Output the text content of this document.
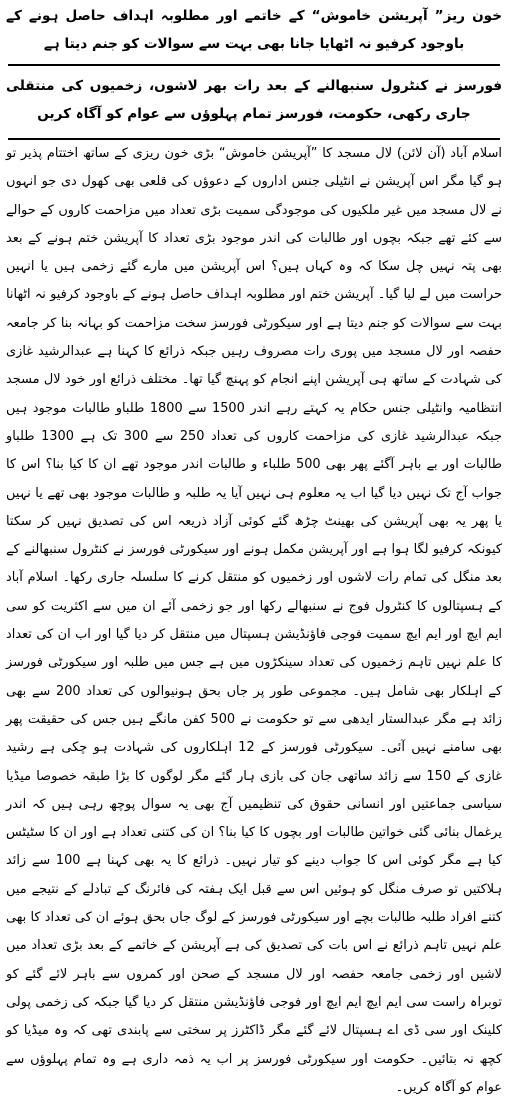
خون ریز” آپریشن خاموش“ کے خاتمے اور مطلوبہ اہداف حاصل ہونے کے باوجود کرفیو نہ اٹھایا جانا بھی بہت سے سوالات کو جنم دیتا ہے
فورسز نے کنٹرول سنبھالنے کے بعد رات بھر لاشوں، زخمیوں کی منتقلی جاری رکھی، حکومت، فورسز تمام پہلوؤں سے عوام کو آگاہ کریں

اسلام آباد (آن لائن) لال مسجد کا ”آپریشن خاموش“ بڑی خون ریزی کے ساتھ اختتام پذیر تو ہو گیا مگر اس آپریشن نے انٹیلی جنس اداروں کے دعوؤں کی قلعی بھی کھول دی جو انہوں نے لال مسجد میں غیر ملکیوں کی موجودگی سمیت بڑی تعداد میں مزاحمت کاروں کے حوالے سے کئے تھے جبکہ بچوں اور طالبات کی اندر موجود بڑی تعداد کا آپریشن ختم ہونے کے بعد بھی پتہ نہیں چل سکا کہ وہ کہاں ہیں؟ اس آپریشن میں مارے گئے زخمی ہیں یا انہیں حراست میں لے لیا گیا۔ آپریشن ختم اور مطلوبہ اہداف حاصل ہونے کے باوجود کرفیو نہ اٹھانا بہت سے سوالات کو جنم دیتا ہے اور سیکورٹی فورسز سخت مزاحمت کو بہانہ بنا کر جامعہ حفصہ اور لال مسجد میں پوری رات مصروف رہیں جبکہ ذرائع کا کہنا ہے عبدالرشید غازی کی شہادت کے ساتھ ہی آپریشن اپنے انجام کو پہنچ گیا تھا۔ مختلف ذرائع اور خود لال مسجد انتظامیہ وانٹیلی جنس حکام یہ کہتے رہے اندر 1500 سے 1800 طلباو طالبات موجود ہیں جبکہ عبدالرشید غازی کی مزاحمت کاروں کی تعداد 250 سے 300 تک ہے 1300 طلباو طالبات اور بے باہر آگئے پھر بھی 500 طلباء و طالبات اندر موجود تھے ان کا کیا بنا؟ اس کا جواب آج تک نہیں دیا گیا اب یہ معلوم ہی نہیں آیا یہ طلبہ و طالبات موجود بھی تھے یا نہیں یا پھر یہ بھی آپریشن کی بھینٹ چڑھ گئے کوئی آزاد ذریعہ اس کی تصدیق نہیں کر سکتا کیونکہ کرفیو لگا ہوا ہے اور آپریشن مکمل ہونے اور سیکورٹی فورسز نے کنٹرول سنبھالنے کے بعد منگل کی تمام رات لاشوں اور زخمیوں کو منتقل کرنے کا سلسلہ جاری رکھا۔ اسلام آباد کے ہسپتالوں کا کنٹرول فوج نے سنبھالے رکھا اور جو زخمی آئے ان میں سے اکثریت کو سی ایم ایچ اور ایم ایچ سمیت فوجی فاؤنڈیشن ہسپتال میں منتقل کر دیا گیا اور اب ان کی تعداد کا علم نہیں تاہم زخمیوں کی تعداد سینکڑوں میں ہے جس میں طلبہ اور سیکورٹی فورسز کے اہلکار بھی شامل ہیں۔ مجموعی طور پر جاں بحق ہونیوالوں کی تعداد 200 سے بھی زائد ہے مگر عبدالستار ایدھی سے تو حکومت نے 500 کفن مانگے ہیں جس کی حقیقت پھر بھی سامنے نہیں آئی۔ سیکورٹی فورسز کے 12 اہلکاروں کی شہادت ہو چکی ہے رشید غازی کے 150 سے زائد ساتھی جان کی بازی ہار گئے مگر لوگوں کا بڑا طبقہ خصوصا میڈیا سیاسی جماعتیں اور انسانی حقوق کی تنظیمیں آج بھی یہ سوال پوچھ رہی ہیں کہ اندر یرغمال بنائی گئی خواتین طالبات اور بچوں کا کیا بنا؟ ان کی کتنی تعداد ہے اور ان کا سٹیٹس کیا ہے مگر کوئی اس کا جواب دینے کو تیار نہیں۔ ذرائع کا یہ بھی کہنا ہے 100 سے زائد ہلاکتیں تو صرف منگل کو ہوئیں اس سے قبل ایک ہفتہ کی فائرنگ کے تبادلے کے نتیجے میں کتنے افراد طلبہ طالبات بچے اور سیکورٹی فورسز کے لوگ جاں بحق ہوئے ان کی تعداد کا بھی علم نہیں تاہم ذرائع نے اس بات کی تصدیق کی ہے آپریشن کے خاتمے کے بعد بڑی تعداد میں لاشیں اور زخمی جامعہ حفصہ اور لال مسجد کے صحن اور کمروں سے باہر لائے گئے کو توبراہ راست سی ایم ایچ ایم ایچ اور فوجی فاؤنڈیشن منتقل کر دیا گیا جبکہ کی زخمی پولی کلینک اور سی ڈی اے ہسپتال لائے گئے مگر ڈاکٹرز پر سختی سے پابندی تھی کہ وہ میڈیا کو کچھ نہ بتائیں۔ حکومت اور سیکورٹی فورسز پر اب یہ ذمہ داری ہے وہ تمام پہلوؤں سے عوام کو آگاہ کریں۔
